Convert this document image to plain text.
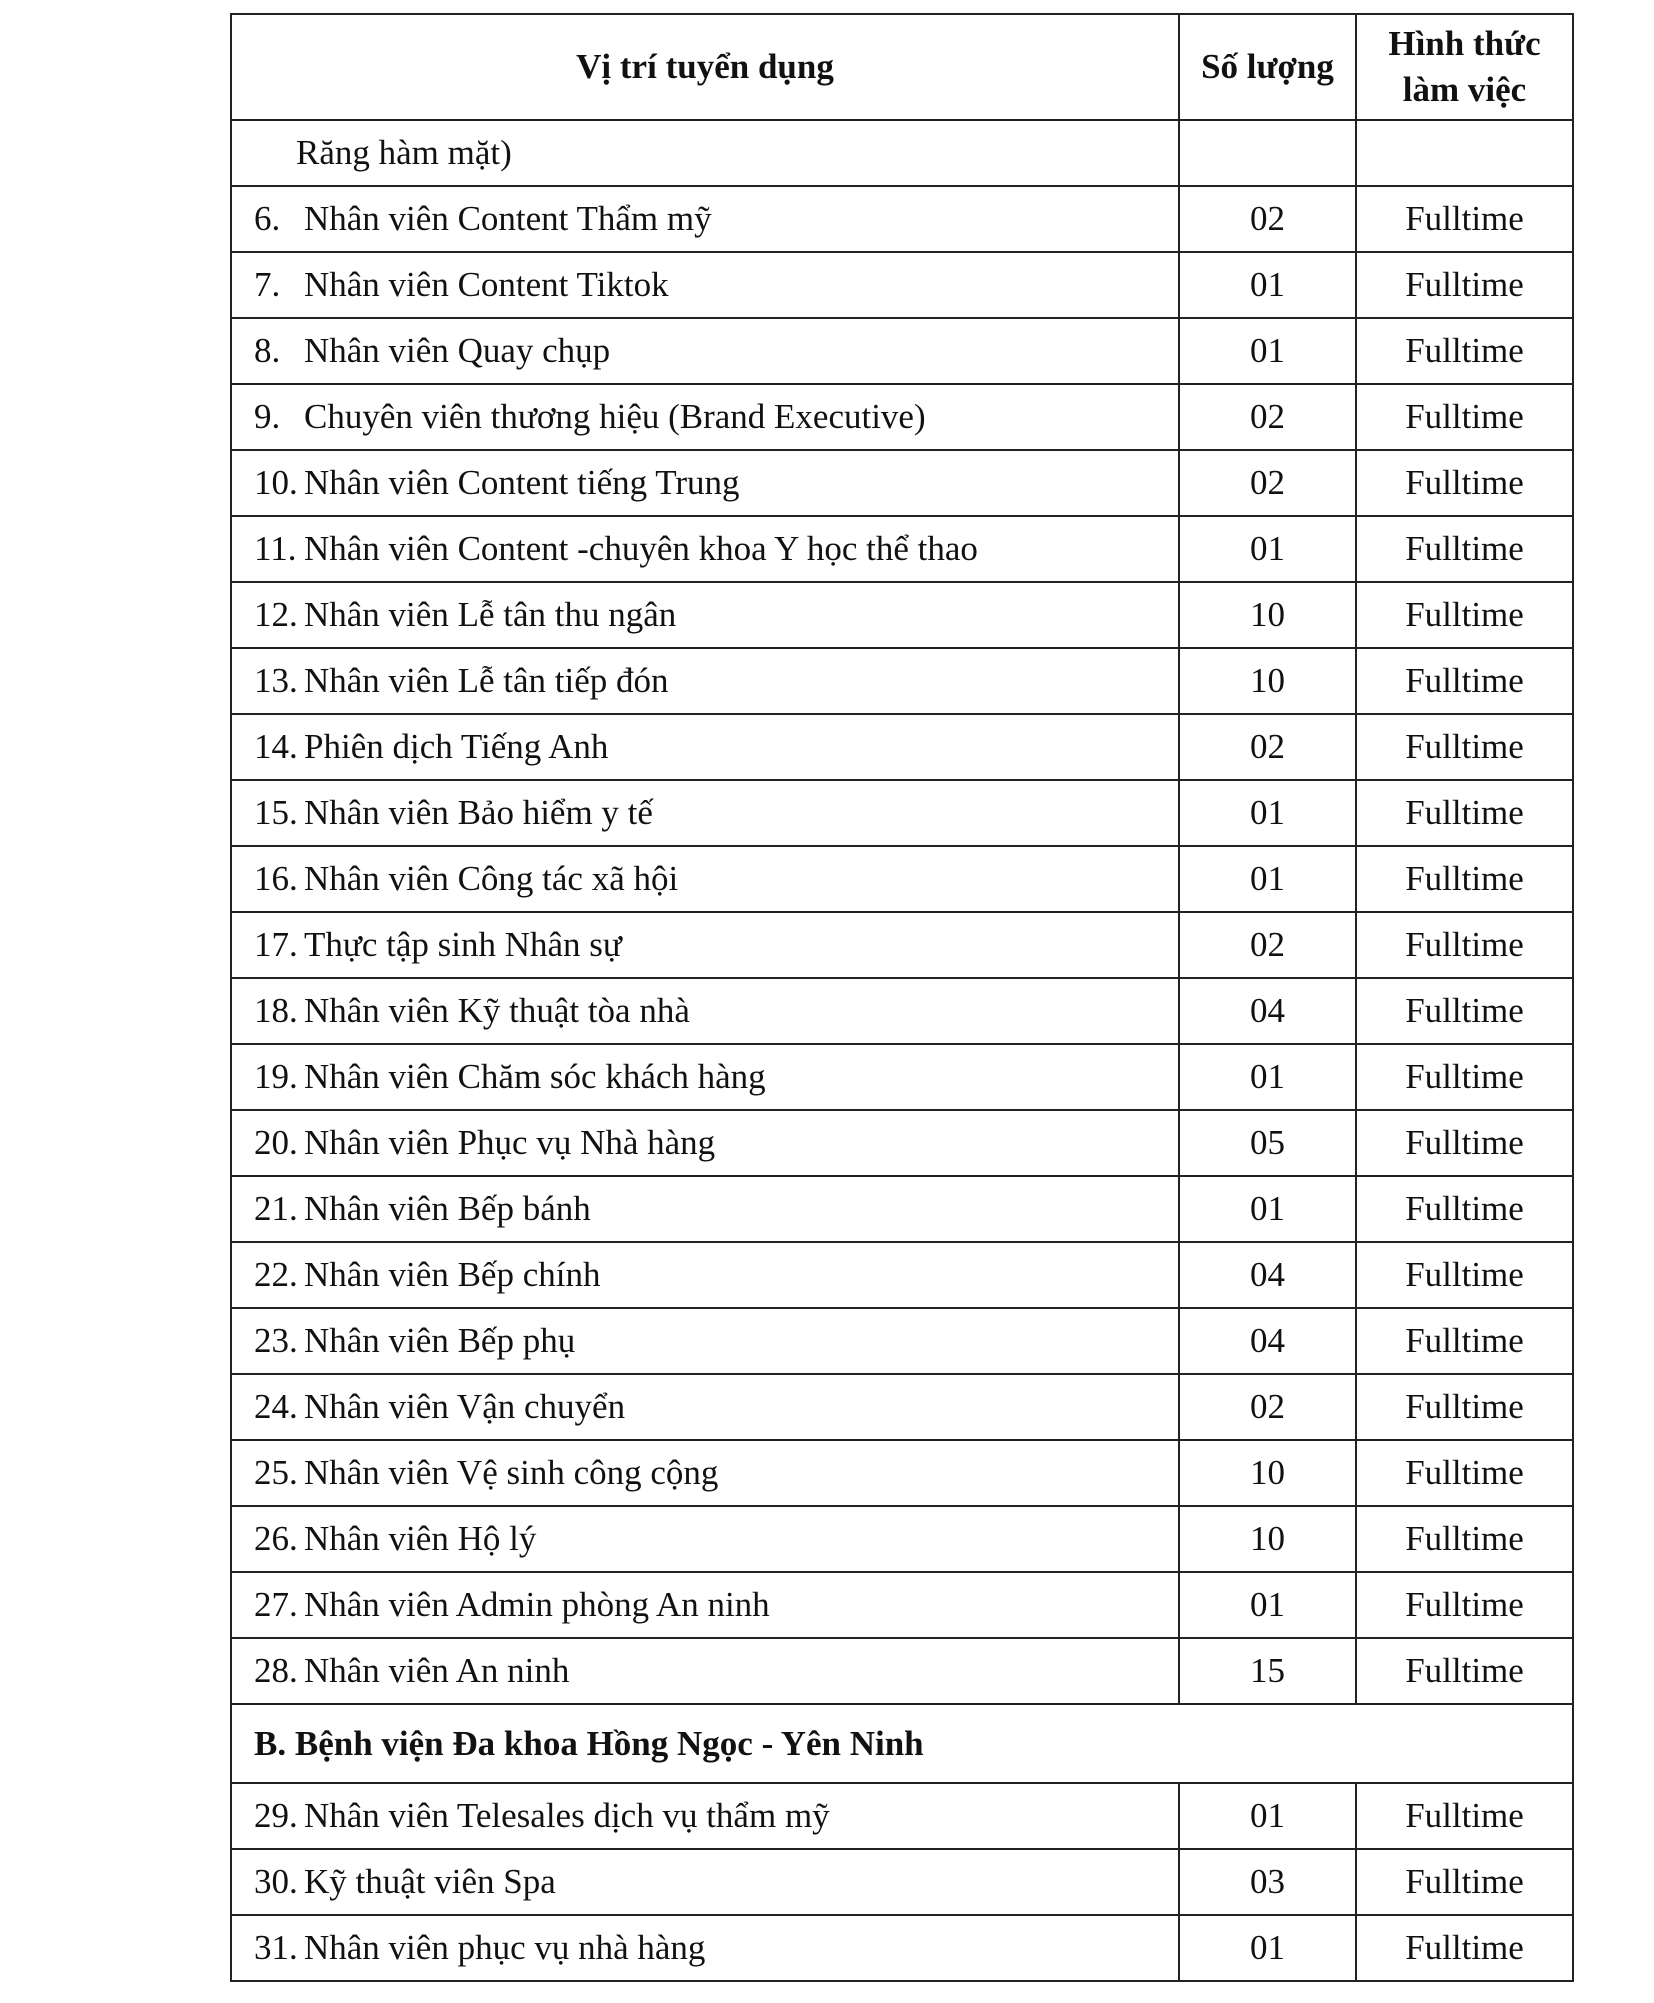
Vị trí tuyển dụng	Số lượng	Hình thức
làm việc
Răng hàm mặt)		
6. Nhân viên Content Thẩm mỹ	02	Fulltime
7. Nhân viên Content Tiktok	01	Fulltime
8. Nhân viên Quay chụp	01	Fulltime
9. Chuyên viên thương hiệu (Brand Executive)	02	Fulltime
10. Nhân viên Content tiếng Trung	02	Fulltime
11. Nhân viên Content -chuyên khoa Y học thể thao	01	Fulltime
12. Nhân viên Lễ tân thu ngân	10	Fulltime
13. Nhân viên Lễ tân tiếp đón	10	Fulltime
14. Phiên dịch Tiếng Anh	02	Fulltime
15. Nhân viên Bảo hiểm y tế	01	Fulltime
16. Nhân viên Công tác xã hội	01	Fulltime
17. Thực tập sinh Nhân sự	02	Fulltime
18. Nhân viên Kỹ thuật tòa nhà	04	Fulltime
19. Nhân viên Chăm sóc khách hàng	01	Fulltime
20. Nhân viên Phục vụ Nhà hàng	05	Fulltime
21. Nhân viên Bếp bánh	01	Fulltime
22. Nhân viên Bếp chính	04	Fulltime
23. Nhân viên Bếp phụ	04	Fulltime
24. Nhân viên Vận chuyển	02	Fulltime
25. Nhân viên Vệ sinh công cộng	10	Fulltime
26. Nhân viên Hộ lý	10	Fulltime
27. Nhân viên Admin phòng An ninh	01	Fulltime
28. Nhân viên An ninh	15	Fulltime
B. Bệnh viện Đa khoa Hồng Ngọc - Yên Ninh		
29. Nhân viên Telesales dịch vụ thẩm mỹ	01	Fulltime
30. Kỹ thuật viên Spa	03	Fulltime
31. Nhân viên phục vụ nhà hàng	01	Fulltime
